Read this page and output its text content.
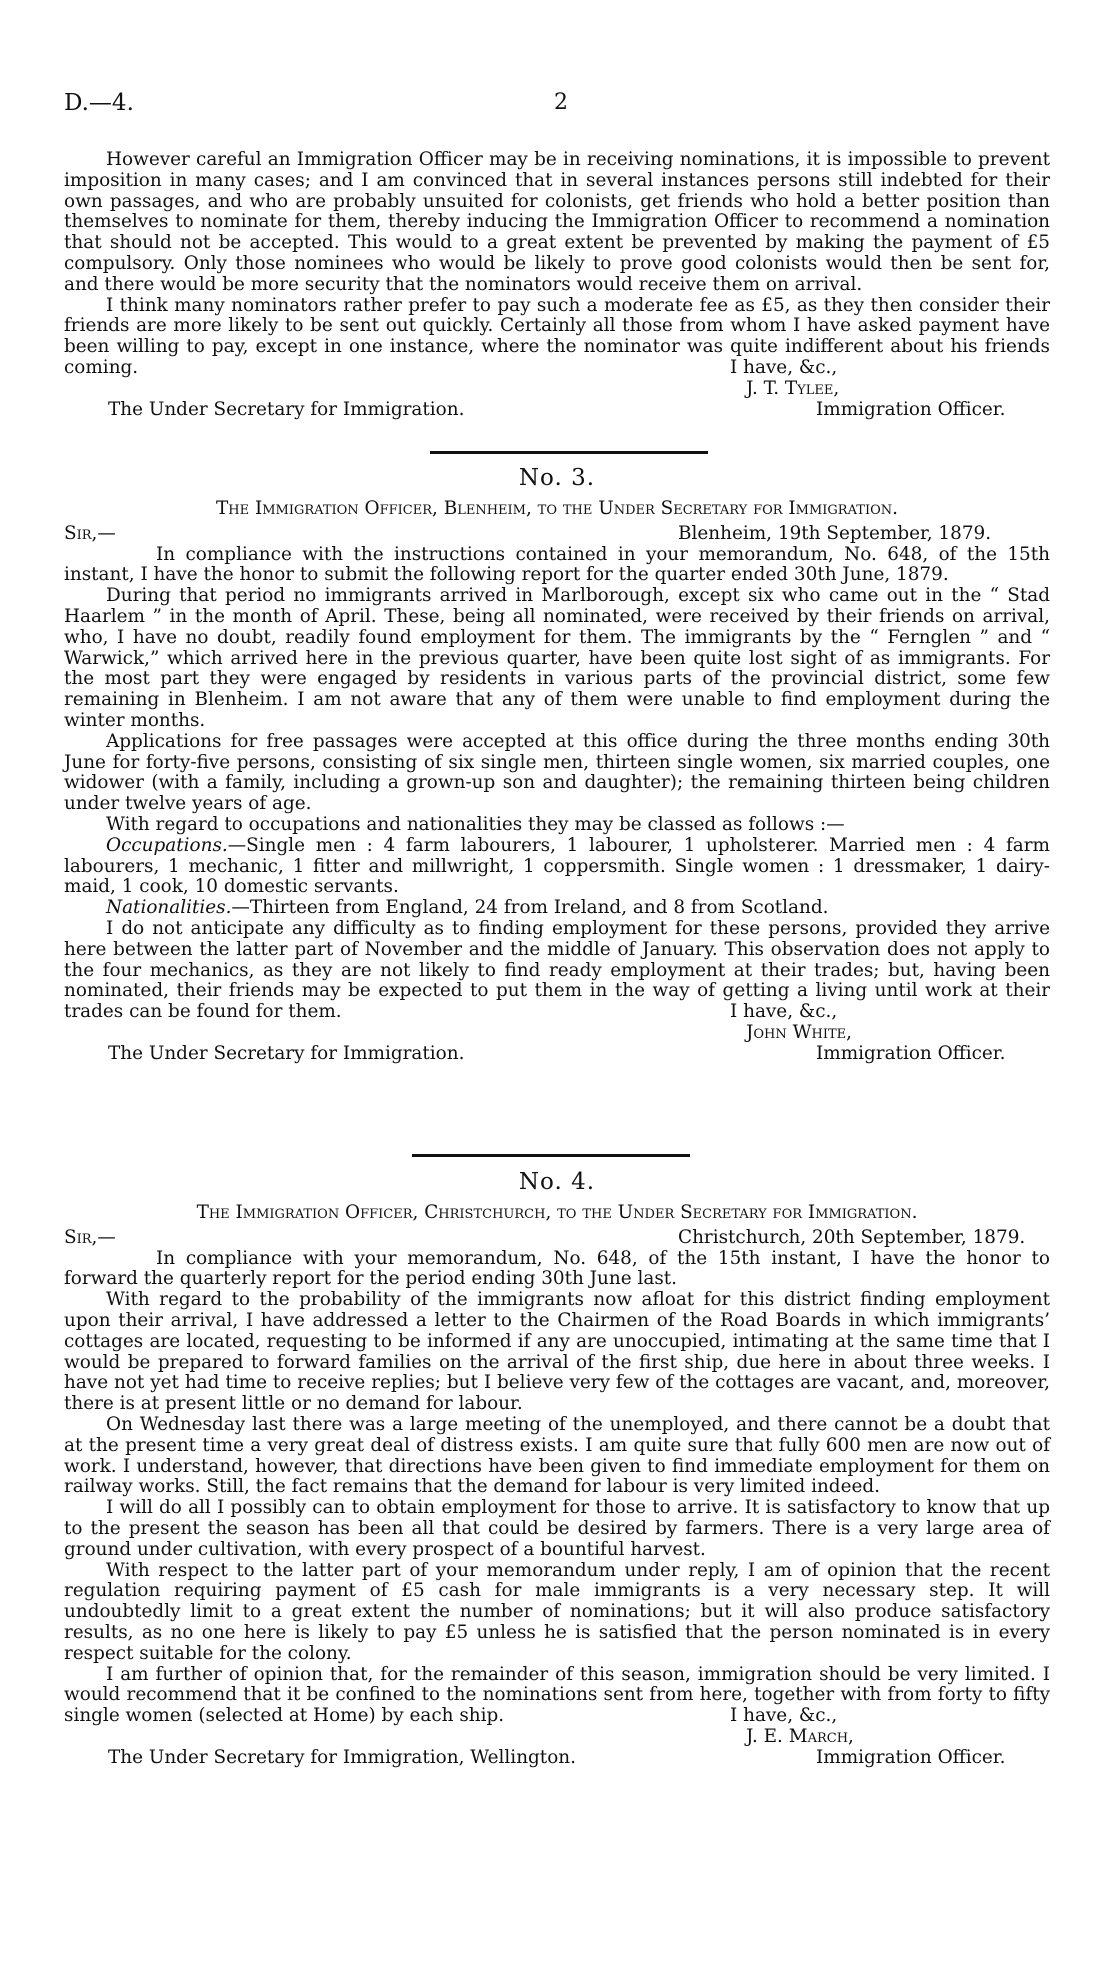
D.—4.	2

However careful an Immigration Officer may be in receiving nominations, it is impossible to prevent imposition in many cases; and I am convinced that in several instances persons still indebted for their own passages, and who are probably unsuited for colonists, get friends who hold a better position than themselves to nominate for them, thereby inducing the Immigration Officer to recommend a nomination that should not be accepted. This would to a great extent be prevented by making the payment of £5 compulsory. Only those nominees who would be likely to prove good colonists would then be sent for, and there would be more security that the nominators would receive them on arrival.

I think many nominators rather prefer to pay such a moderate fee as £5, as they then consider their friends are more likely to be sent out quickly. Certainly all those from whom I have asked payment have been willing to pay, except in one instance, where the nominator was quite indifferent about his friends coming.	I have, &c.,

J. T. Tylee,
The Under Secretary for Immigration.	Immigration Officer.
No. 3.
The Immigration Officer, Blenheim, to the Under Secretary for Immigration.
Sir,—	Blenheim, 19th September, 1879.

In compliance with the instructions contained in your memorandum, No. 648, of the 15th instant, I have the honor to submit the following report for the quarter ended 30th June, 1879.

During that period no immigrants arrived in Marlborough, except six who came out in the “ Stad Haarlem ” in the month of April. These, being all nominated, were received by their friends on arrival, who, I have no doubt, readily found employment for them. The immigrants by the “ Fernglen ” and “ Warwick,” which arrived here in the previous quarter, have been quite lost sight of as immigrants. For the most part they were engaged by residents in various parts of the provincial district, some few remaining in Blenheim. I am not aware that any of them were unable to find employment during the winter months.

Applications for free passages were accepted at this office during the three months ending 30th June for forty-five persons, consisting of six single men, thirteen single women, six married couples, one widower (with a family, including a grown-up son and daughter); the remaining thirteen being children under twelve years of age.

With regard to occupations and nationalities they may be classed as follows :—

Occupations.—Single men : 4 farm labourers, 1 labourer, 1 upholsterer. Married men : 4 farm labourers, 1 mechanic, 1 fitter and millwright, 1 coppersmith. Single women : 1 dressmaker, 1 dairy-maid, 1 cook, 10 domestic servants.

Nationalities.—Thirteen from England, 24 from Ireland, and 8 from Scotland.

I do not anticipate any difficulty as to finding employment for these persons, provided they arrive here between the latter part of November and the middle of January. This observation does not apply to the four mechanics, as they are not likely to find ready employment at their trades; but, having been nominated, their friends may be expected to put them in the way of getting a living until work at their trades can be found for them.	I have, &c.,

John White,
The Under Secretary for Immigration.	Immigration Officer.
No. 4.
The Immigration Officer, Christchurch, to the Under Secretary for Immigration.
Sir,—	Christchurch, 20th September, 1879.

In compliance with your memorandum, No. 648, of the 15th instant, I have the honor to forward the quarterly report for the period ending 30th June last.

With regard to the probability of the immigrants now afloat for this district finding employment upon their arrival, I have addressed a letter to the Chairmen of the Road Boards in which immigrants’ cottages are located, requesting to be informed if any are unoccupied, intimating at the same time that I would be prepared to forward families on the arrival of the first ship, due here in about three weeks. I have not yet had time to receive replies; but I believe very few of the cottages are vacant, and, moreover, there is at present little or no demand for labour.

On Wednesday last there was a large meeting of the unemployed, and there cannot be a doubt that at the present time a very great deal of distress exists. I am quite sure that fully 600 men are now out of work. I understand, however, that directions have been given to find immediate employment for them on railway works. Still, the fact remains that the demand for labour is very limited indeed.

I will do all I possibly can to obtain employment for those to arrive. It is satisfactory to know that up to the present the season has been all that could be desired by farmers. There is a very large area of ground under cultivation, with every prospect of a bountiful harvest.

With respect to the latter part of your memorandum under reply, I am of opinion that the recent regulation requiring payment of £5 cash for male immigrants is a very necessary step. It will undoubtedly limit to a great extent the number of nominations; but it will also produce satisfactory results, as no one here is likely to pay £5 unless he is satisfied that the person nominated is in every respect suitable for the colony.

I am further of opinion that, for the remainder of this season, immigration should be very limited. I would recommend that it be confined to the nominations sent from here, together with from forty to fifty single women (selected at Home) by each ship.	I have, &c.,

J. E. March,
The Under Secretary for Immigration, Wellington.	Immigration Officer.
